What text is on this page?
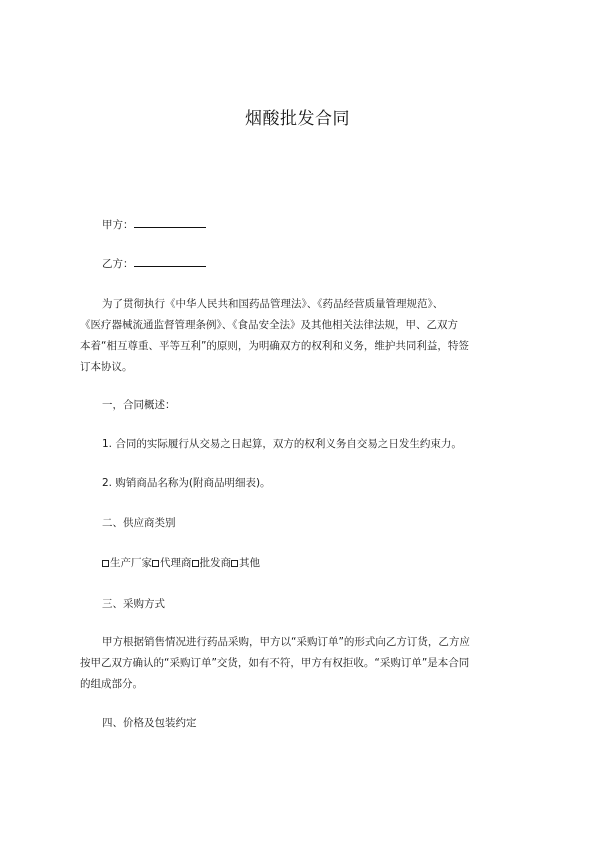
烟酸批发合同
甲方：
乙方：
为了贯彻执行《中华人民共和国药品管理法》、《药品经营质量管理规范》、
《医疗器械流通监督管理条例》、《食品安全法》及其他相关法律法规，甲、乙双方
本着“相互尊重、平等互利”的原则，为明确双方的权利和义务，维护共同利益，特签
订本协议。
一，合同概述：
1. 合同的实际履行从交易之日起算，双方的权利义务自交易之日发生约束力。
2. 购销商品名称为(附商品明细表)。
二、供应商类别
生产厂家 代理商 批发商 其他
三、采购方式
甲方根据销售情况进行药品采购，甲方以“采购订单”的形式向乙方订货，乙方应
按甲乙双方确认的“采购订单”交货，如有不符，甲方有权拒收。“采购订单”是本合同
的组成部分。
四、价格及包装约定
